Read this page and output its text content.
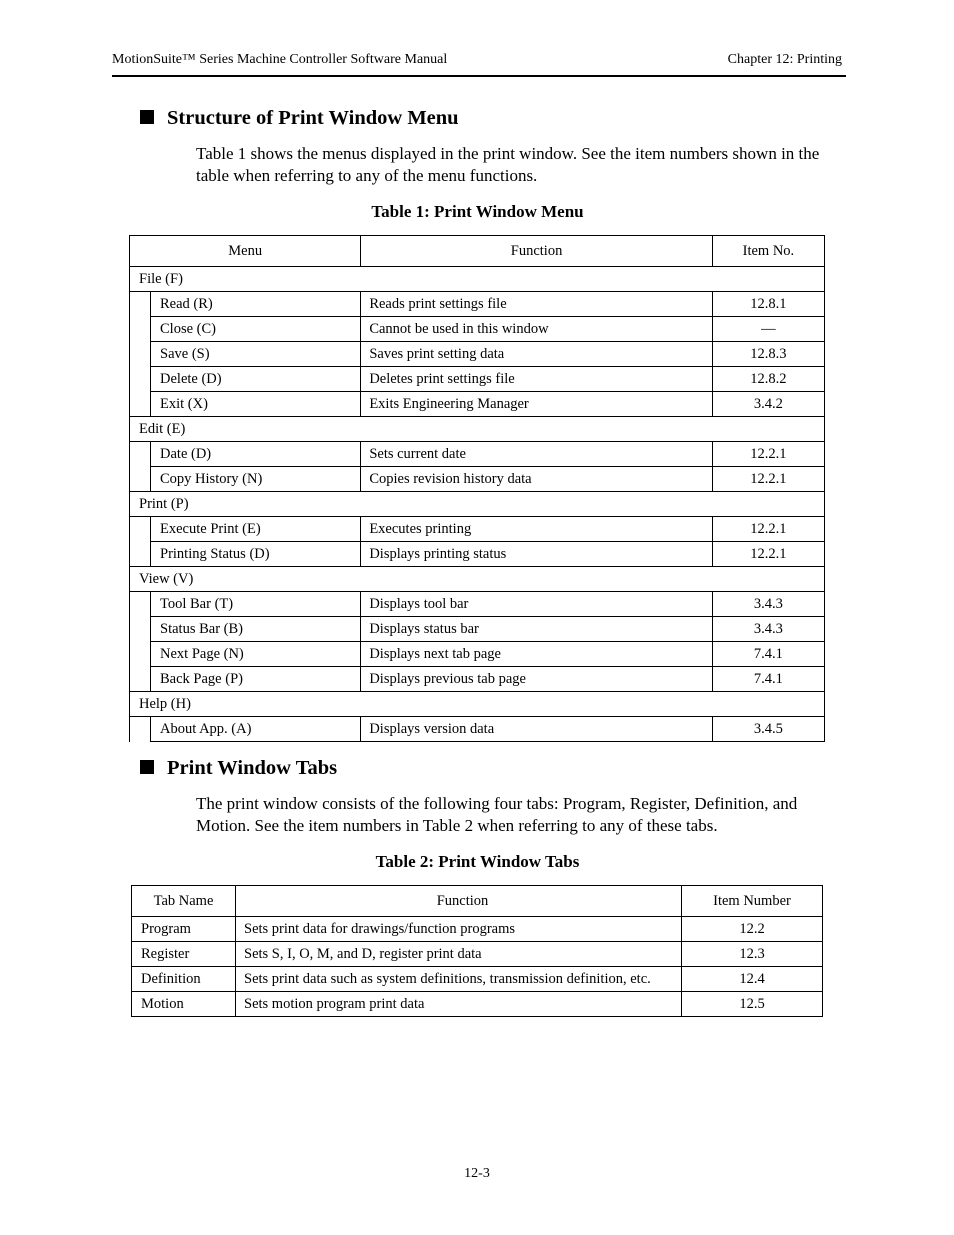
MotionSuite™ Series Machine Controller Software Manual	Chapter 12: Printing
Structure of Print Window Menu
Table 1 shows the menus displayed in the print window. See the item numbers shown in the table when referring to any of the menu functions.
Table 1: Print Window Menu
Menu		Function	Item No.
File (F)			
	Read (R)	Reads print settings file	12.8.1
	Close (C)	Cannot be used in this window	—
	Save (S)	Saves print setting data	12.8.3
	Delete (D)	Deletes print settings file	12.8.2
	Exit (X)	Exits Engineering Manager	3.4.2
Edit (E)			
	Date (D)	Sets current date	12.2.1
	Copy History (N)	Copies revision history data	12.2.1
Print (P)			
	Execute Print (E)	Executes printing	12.2.1
	Printing Status (D)	Displays printing status	12.2.1
View (V)			
	Tool Bar (T)	Displays tool bar	3.4.3
	Status Bar (B)	Displays status bar	3.4.3
	Next Page (N)	Displays next tab page	7.4.1
	Back Page (P)	Displays previous tab page	7.4.1
Help (H)			
	About App. (A)	Displays version data	3.4.5
Print Window Tabs
The print window consists of the following four tabs: Program, Register, Definition, and Motion. See the item numbers in Table 2 when referring to any of these tabs.
Table 2: Print Window Tabs
Tab Name	Function	Item Number
Program	Sets print data for drawings/function programs	12.2
Register	Sets S, I, O, M, and D, register print data	12.3
Definition	Sets print data such as system definitions, transmission definition, etc.	12.4
Motion	Sets motion program print data	12.5
12-3
